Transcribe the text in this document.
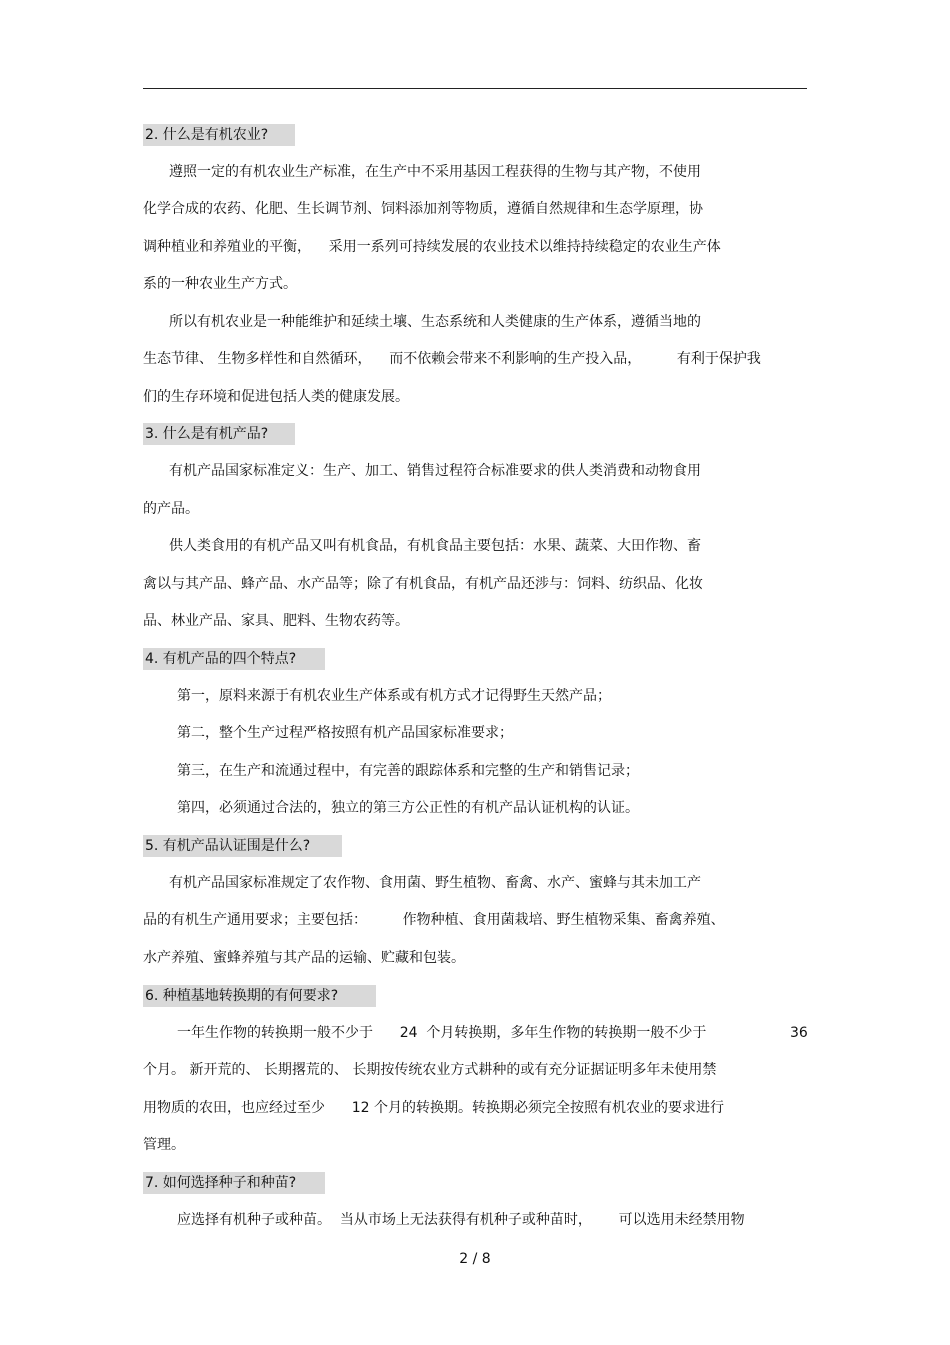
2. 什么是有机农业?
遵照一定的有机农业生产标准，在生产中不采用基因工程获得的生物与其产物，不使用
化学合成的农药、化肥、生长调节剂、饲料添加剂等物质，遵循自然规律和生态学原理，协
调种植业和养殖业的平衡，    采用一系列可持续发展的农业技术以维持持续稳定的农业生产体
系的一种农业生产方式。
所以有机农业是一种能维护和延续土壤、生态系统和人类健康的生产体系，遵循当地的
生态节律、 生物多样性和自然循环，    而不依赖会带来不利影响的生产投入品，        有利于保护我
们的生存环境和促进包括人类的健康发展。
3. 什么是有机产品?
有机产品国家标准定义：生产、加工、销售过程符合标准要求的供人类消费和动物食用
的产品。
供人类食用的有机产品又叫有机食品，有机食品主要包括：水果、蔬菜、大田作物、畜
禽以与其产品、蜂产品、水产品等；除了有机食品，有机产品还涉与：饲料、纺织品、化妆
品、林业产品、家具、肥料、生物农药等。
4. 有机产品的四个特点?
第一，原料来源于有机农业生产体系或有机方式才记得野生天然产品；
第二，整个生产过程严格按照有机产品国家标准要求；
第三，在生产和流通过程中，有完善的跟踪体系和完整的生产和销售记录；
第四，必须通过合法的，独立的第三方公正性的有机产品认证机构的认证。
5. 有机产品认证围是什么?
有机产品国家标准规定了农作物、食用菌、野生植物、畜禽、水产、蜜蜂与其未加工产
品的有机生产通用要求；主要包括：        作物种植、食用菌栽培、野生植物采集、畜禽养殖、
水产养殖、蜜蜂养殖与其产品的运输、贮藏和包装。
6. 种植基地转换期的有何要求?
一年生作物的转换期一般不少于      24  个月转换期，多年生作物的转换期一般不少于	36
个月。 新开荒的、 长期撂荒的、 长期按传统农业方式耕种的或有充分证据证明多年未使用禁
用物质的农田，也应经过至少      12 个月的转换期。转换期必须完全按照有机农业的要求进行
管理。
7. 如何选择种子和种苗?
应选择有机种子或种苗。  当从市场上无法获得有机种子或种苗时，      可以选用未经禁用物
2 / 8
